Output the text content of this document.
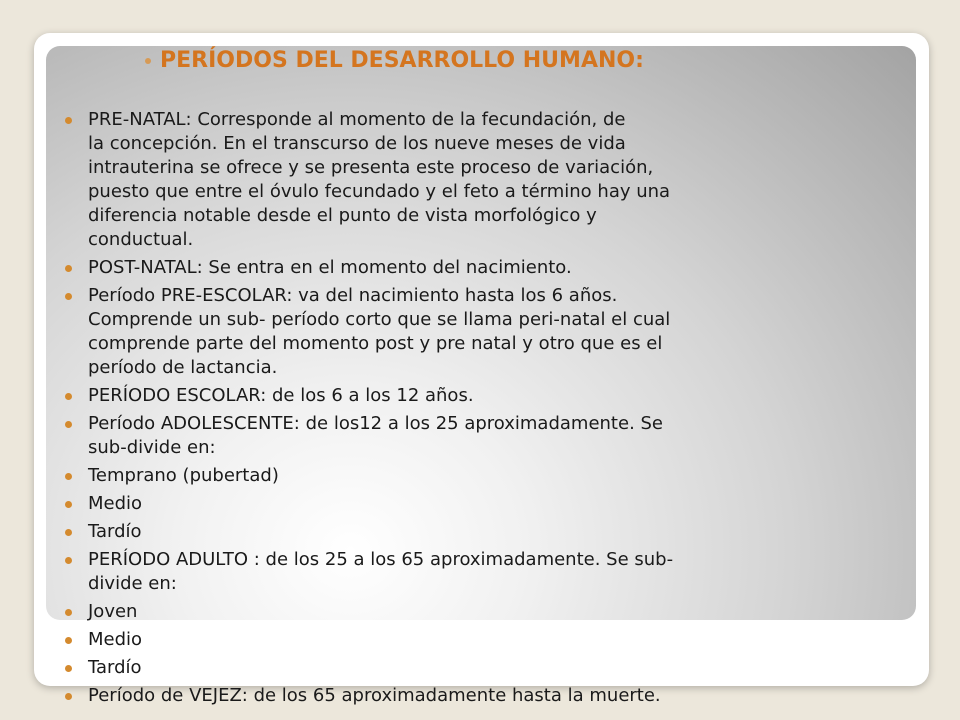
PERÍODOS DEL DESARROLLO HUMANO:
PRE-NATAL: Corresponde al momento de la fecundación, de
la concepción. En el transcurso de los nueve meses de vida
intrauterina se ofrece y se presenta este proceso de variación,
puesto que entre el óvulo fecundado y el feto a término hay una
diferencia notable desde el punto de vista morfológico y
conductual.
POST-NATAL: Se entra en el momento del nacimiento.
Período PRE-ESCOLAR: va del nacimiento hasta los 6 años.
Comprende un sub- período corto que se llama peri-natal el cual
comprende parte del momento post y pre natal y otro que es el
período de lactancia.
PERÍODO ESCOLAR: de los 6 a los 12 años.
Período ADOLESCENTE: de los12 a los 25 aproximadamente. Se
sub-divide en:
Temprano (pubertad)
Medio
Tardío
PERÍODO ADULTO : de los 25 a los 65 aproximadamente. Se sub-
divide en:
Joven
Medio
Tardío
Período de VEJEZ: de los 65 aproximadamente hasta la muerte.
